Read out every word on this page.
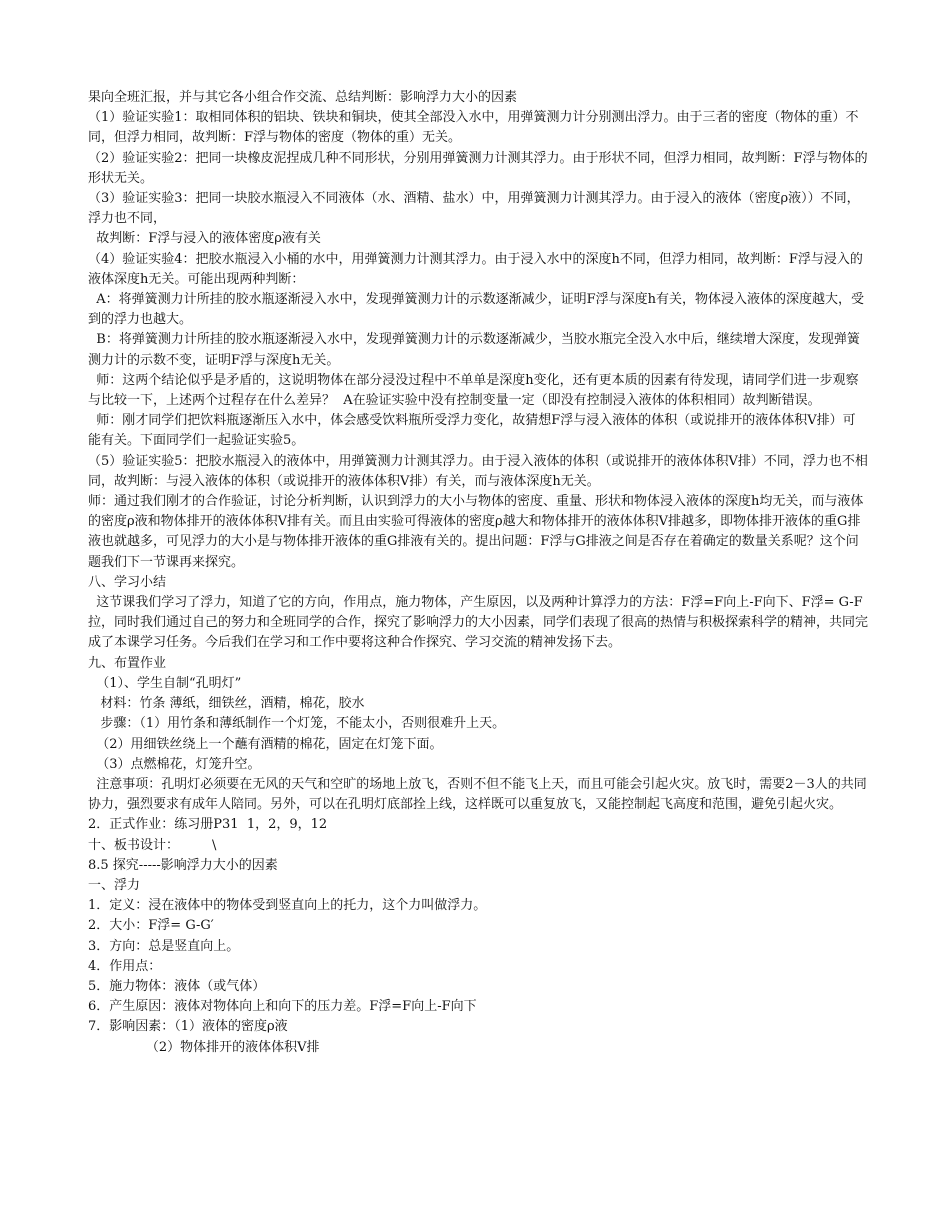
果向全班汇报，并与其它各小组合作交流、总结判断：影响浮力大小的因素

（1）验证实验1：取相同体积的铝块、铁块和铜块，使其全部没入水中，用弹簧测力计分别测出浮力。由于三者的密度（物体的重）不同，但浮力相同，故判断：F浮与物体的密度（物体的重）无关。

（2）验证实验2：把同一块橡皮泥捏成几种不同形状，分别用弹簧测力计测其浮力。由于形状不同，但浮力相同，故判断：F浮与物体的形状无关。

（3）验证实验3：把同一块胶水瓶浸入不同液体（水、酒精、盐水）中，用弹簧测力计测其浮力。由于浸入的液体（密度ρ液））不同，浮力也不同，

故判断：F浮与浸入的液体密度ρ液有关

（4）验证实验4：把胶水瓶浸入小桶的水中，用弹簧测力计测其浮力。由于浸入水中的深度h不同，但浮力相同，故判断：F浮与浸入的液体深度h无关。可能出现两种判断：

A：将弹簧测力计所挂的胶水瓶逐渐浸入水中，发现弹簧测力计的示数逐渐减少，证明F浮与深度h有关，物体浸入液体的深度越大，受到的浮力也越大。

B：将弹簧测力计所挂的胶水瓶逐渐浸入水中，发现弹簧测力计的示数逐渐减少，当胶水瓶完全没入水中后，继续增大深度，发现弹簧测力计的示数不变，证明F浮与深度h无关。

师：这两个结论似乎是矛盾的，这说明物体在部分浸没过程中不单单是深度h变化，还有更本质的因素有待发现，请同学们进一步观察与比较一下，上述两个过程存在什么差异？  A在验证实验中没有控制变量一定（即没有控制浸入液体的体积相同）故判断错误。

师：刚才同学们把饮料瓶逐渐压入水中，体会感受饮料瓶所受浮力变化，故猜想F浮与浸入液体的体积（或说排开的液体体积V排）可能有关。下面同学们一起验证实验5。

（5）验证实验5：把胶水瓶浸入的液体中，用弹簧测力计测其浮力。由于浸入液体的体积（或说排开的液体体积V排）不同，浮力也不相同，故判断：与浸入液体的体积（或说排开的液体体积V排）有关，而与液体深度h无关。

师：通过我们刚才的合作验证，讨论分析判断，认识到浮力的大小与物体的密度、重量、形状和物体浸入液体的深度h均无关，而与液体的密度ρ液和物体排开的液体体积V排有关。而且由实验可得液体的密度ρ越大和物体排开的液体体积V排越多，即物体排开液体的重G排液也就越多，可见浮力的大小是与物体排开液体的重G排液有关的。提出问题：F浮与G排液之间是否存在着确定的数量关系呢？这个问题我们下一节课再来探究。

八、学习小结

这节课我们学习了浮力，知道了它的方向，作用点，施力物体，产生原因，以及两种计算浮力的方法：F浮=F向上-F向下、F浮= G-F拉，同时我们通过自己的努力和全班同学的合作，探究了影响浮力的大小因素，同学们表现了很高的热情与积极探索科学的精神，共同完成了本课学习任务。今后我们在学习和工作中要将这种合作探究、学习交流的精神发扬下去。

九、布置作业

（1）、学生自制“孔明灯”

材料：竹条 薄纸，细铁丝，酒精，棉花，胶水

步骤：（1）用竹条和薄纸制作一个灯笼，不能太小，否则很难升上天。

（2）用细铁丝绕上一个蘸有酒精的棉花，固定在灯笼下面。

（3）点燃棉花，灯笼升空。

注意事项：孔明灯必须要在无风的天气和空旷的场地上放飞，否则不但不能飞上天，而且可能会引起火灾。放飞时，需要2－3人的共同协力，强烈要求有成年人陪同。另外，可以在孔明灯底部拴上线，这样既可以重复放飞，又能控制起飞高度和范围，避免引起火灾。

2．正式作业：练习册P31  1，2，9，12

十、板书设计：        \

8.5 探究-----影响浮力大小的因素

一、浮力

1．定义：浸在液体中的物体受到竖直向上的托力，这个力叫做浮力。

2．大小：F浮= G-G′

3．方向：总是竖直向上。

4．作用点：

5．施力物体：液体（或气体）

6．产生原因：液体对物体向上和向下的压力差。F浮=F向上-F向下

7．影响因素：（1）液体的密度ρ液

（2）物体排开的液体体积V排
